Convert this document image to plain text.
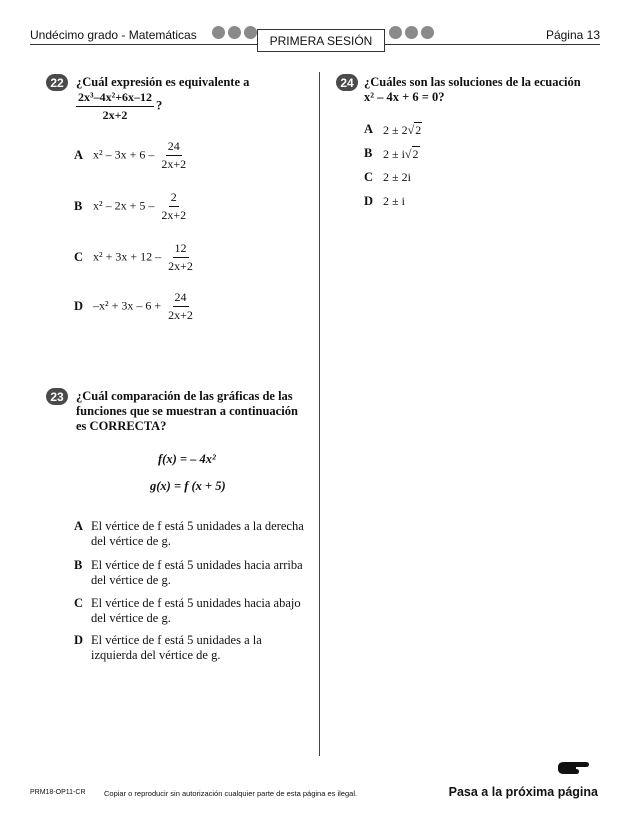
Undécimo grado - Matemáticas	Página 13
PRIMERA SESIÓN
22 ¿Cuál expresión es equivalente a
$\frac{\text{2x³–4x²+6x–12}}{2x+2}$ ?
A $x^2 - 3x + 6 - \frac{24}{2x+2}$
B $x^2 - 2x + 5 - \frac{2}{2x+2}$
C $x^2 + 3x + 12 - \frac{12}{2x+2}$
D $-x^2 + 3x - 6 + \frac{24}{2x+2}$
23 ¿Cuál comparación de las gráficas de las
funciones que se muestran a continuación
es CORRECTA?
f(x) = – 4x²
g(x) = f (x + 5)
A El vértice de f está 5 unidades a la derecha
del vértice de g.
B El vértice de f está 5 unidades hacia arriba
del vértice de g.
C El vértice de f está 5 unidades hacia abajo
del vértice de g.
D El vértice de f está 5 unidades a la
izquierda del vértice de g.
24 ¿Cuáles son las soluciones de la ecuación
x² – 4x + 6 = 0?
A 2 ± 2√2
B 2 ± i√2
C 2 ± 2i
D 2 ± i
PRM18-OP11-CR Copiar o reproducir sin autorización cualquier parte de esta página es ilegal.	Pasa a la próxima página
